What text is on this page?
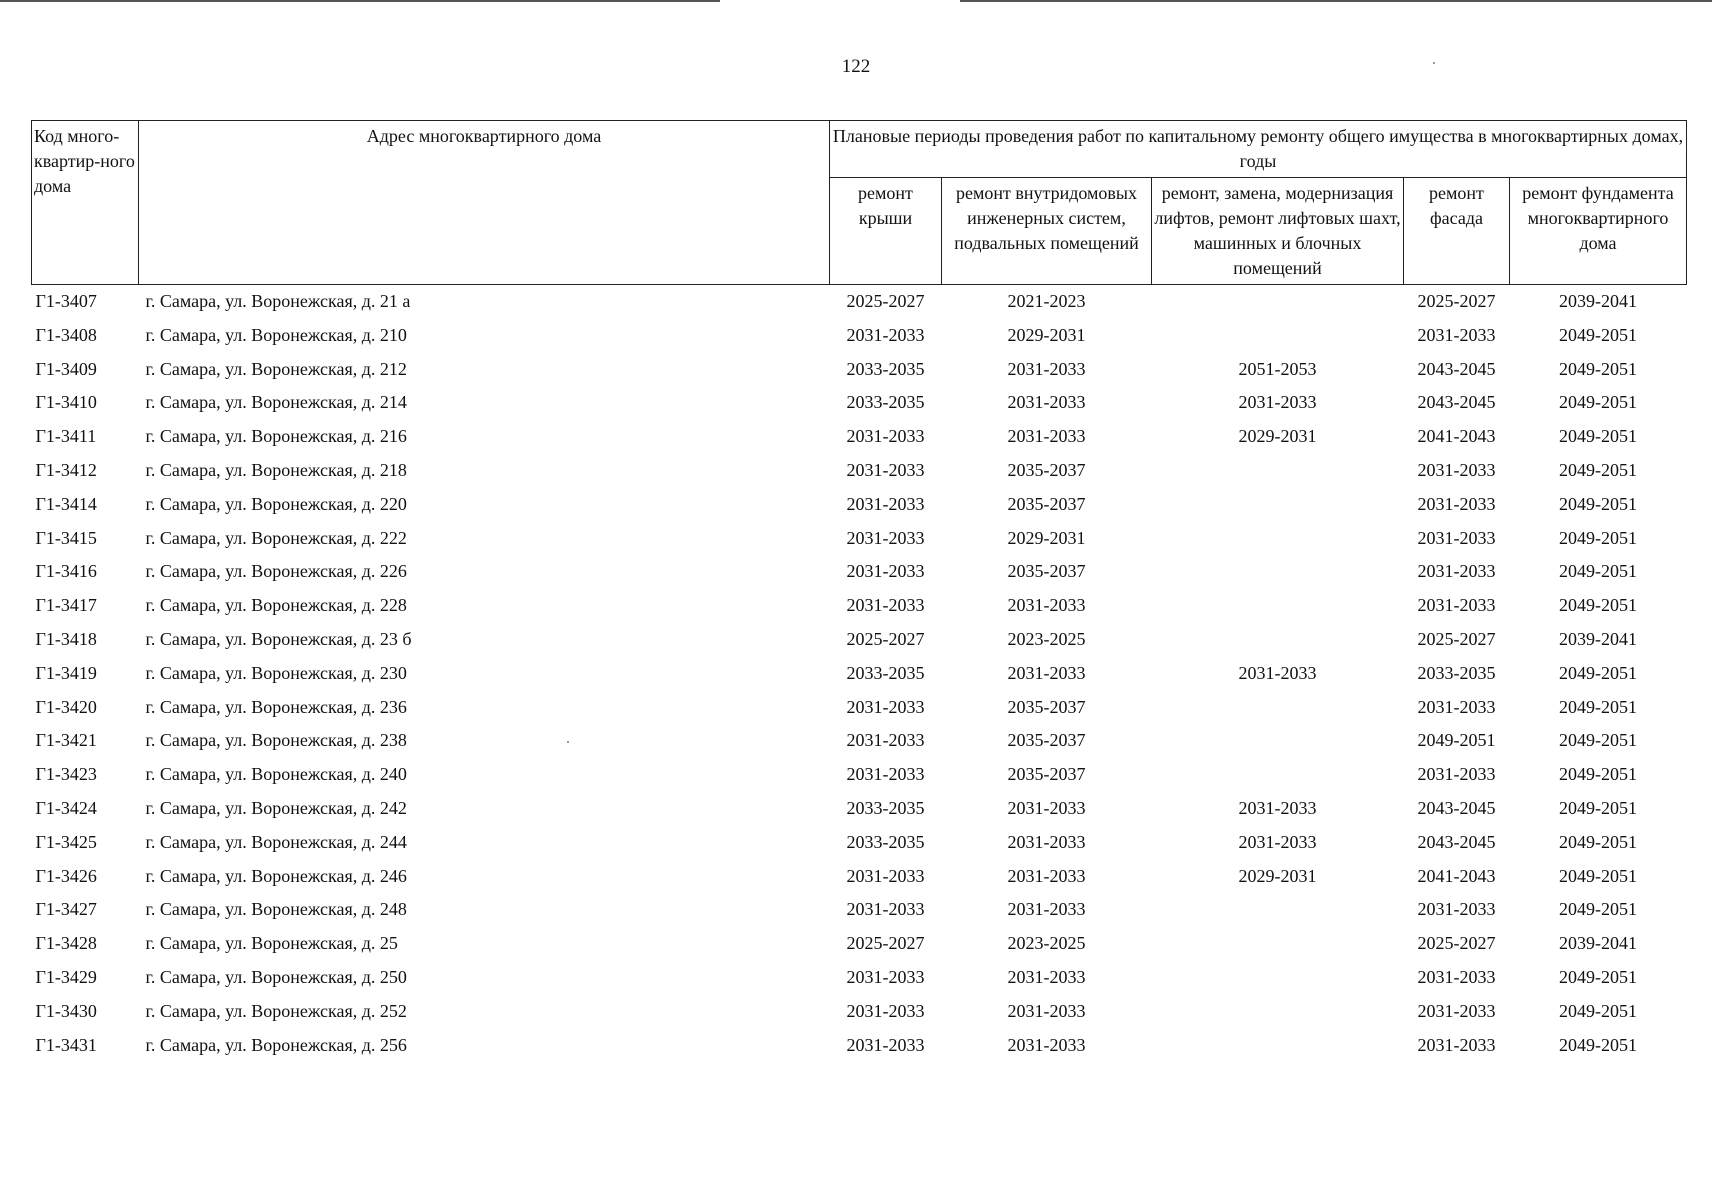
122
Код много-квартир-ного дома	Адрес многоквартирного дома	Плановые периоды проведения работ по капитальному ремонту общего имущества в многоквартирных домах, годы				
		ремонт крыши	ремонт внутридомовых инженерных систем, подвальных помещений	ремонт, замена, модернизация лифтов, ремонт лифтовых шахт, машинных и блочных помещений	ремонт фасада	ремонт фундамента многоквартирного дома
Г1-3407	г. Самара, ул. Воронежская, д. 21 а	2025-2027	2021-2023		2025-2027	2039-2041
Г1-3408	г. Самара, ул. Воронежская, д. 210	2031-2033	2029-2031		2031-2033	2049-2051
Г1-3409	г. Самара, ул. Воронежская, д. 212	2033-2035	2031-2033	2051-2053	2043-2045	2049-2051
Г1-3410	г. Самара, ул. Воронежская, д. 214	2033-2035	2031-2033	2031-2033	2043-2045	2049-2051
Г1-3411	г. Самара, ул. Воронежская, д. 216	2031-2033	2031-2033	2029-2031	2041-2043	2049-2051
Г1-3412	г. Самара, ул. Воронежская, д. 218	2031-2033	2035-2037		2031-2033	2049-2051
Г1-3414	г. Самара, ул. Воронежская, д. 220	2031-2033	2035-2037		2031-2033	2049-2051
Г1-3415	г. Самара, ул. Воронежская, д. 222	2031-2033	2029-2031		2031-2033	2049-2051
Г1-3416	г. Самара, ул. Воронежская, д. 226	2031-2033	2035-2037		2031-2033	2049-2051
Г1-3417	г. Самара, ул. Воронежская, д. 228	2031-2033	2031-2033		2031-2033	2049-2051
Г1-3418	г. Самара, ул. Воронежская, д. 23 б	2025-2027	2023-2025		2025-2027	2039-2041
Г1-3419	г. Самара, ул. Воронежская, д. 230	2033-2035	2031-2033	2031-2033	2033-2035	2049-2051
Г1-3420	г. Самара, ул. Воронежская, д. 236	2031-2033	2035-2037		2031-2033	2049-2051
Г1-3421	г. Самара, ул. Воронежская, д. 238	2031-2033	2035-2037		2049-2051	2049-2051
Г1-3423	г. Самара, ул. Воронежская, д. 240	2031-2033	2035-2037		2031-2033	2049-2051
Г1-3424	г. Самара, ул. Воронежская, д. 242	2033-2035	2031-2033	2031-2033	2043-2045	2049-2051
Г1-3425	г. Самара, ул. Воронежская, д. 244	2033-2035	2031-2033	2031-2033	2043-2045	2049-2051
Г1-3426	г. Самара, ул. Воронежская, д. 246	2031-2033	2031-2033	2029-2031	2041-2043	2049-2051
Г1-3427	г. Самара, ул. Воронежская, д. 248	2031-2033	2031-2033		2031-2033	2049-2051
Г1-3428	г. Самара, ул. Воронежская, д. 25	2025-2027	2023-2025		2025-2027	2039-2041
Г1-3429	г. Самара, ул. Воронежская, д. 250	2031-2033	2031-2033		2031-2033	2049-2051
Г1-3430	г. Самара, ул. Воронежская, д. 252	2031-2033	2031-2033		2031-2033	2049-2051
Г1-3431	г. Самара, ул. Воронежская, д. 256	2031-2033	2031-2033		2031-2033	2049-2051
